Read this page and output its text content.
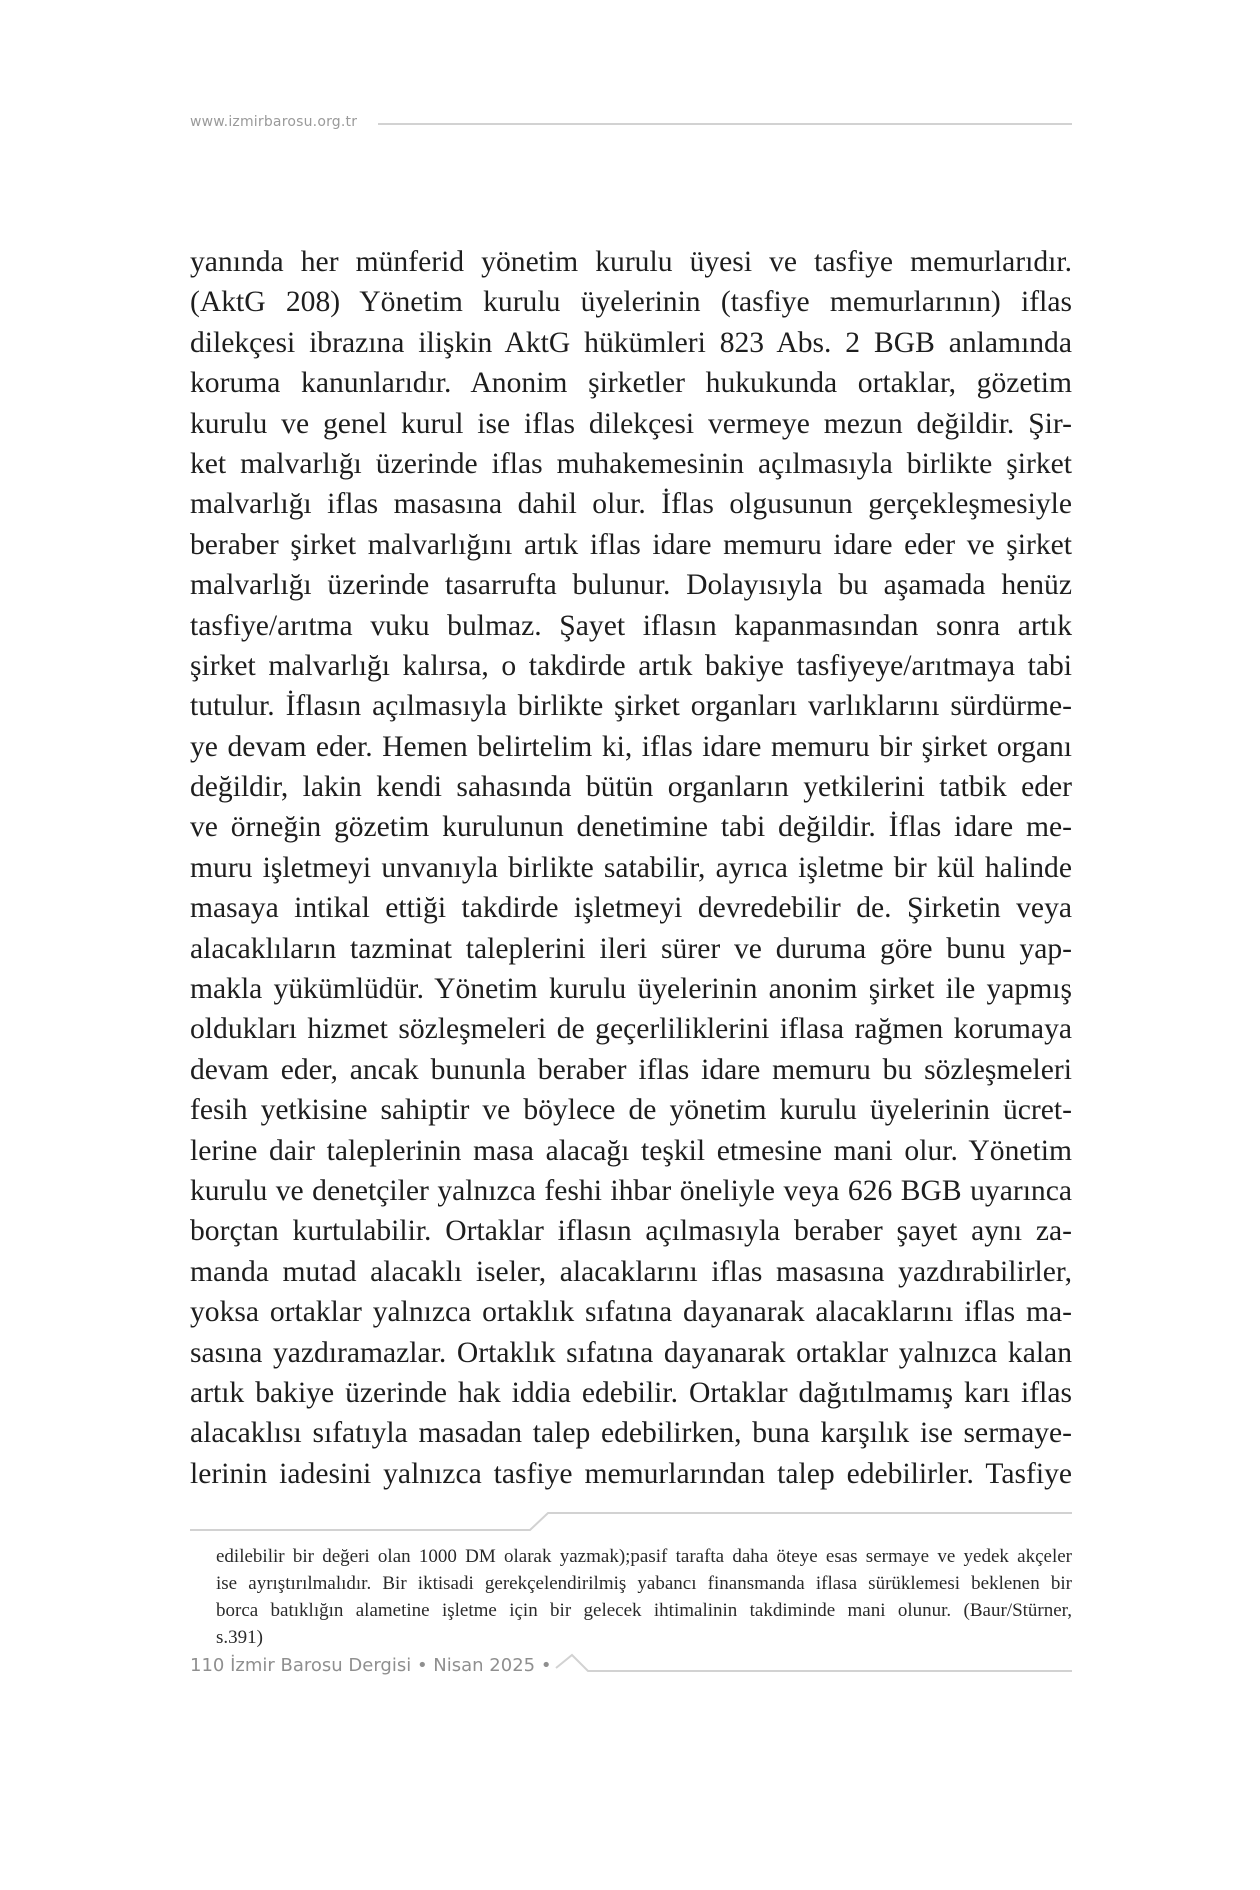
www.izmirbarosu.org.tr
yanında her münferid yönetim kurulu üyesi ve tasfiye memurlarıdır.
(AktG 208) Yönetim kurulu üyelerinin (tasfiye memurlarının) iflas
dilekçesi ibrazına ilişkin AktG hükümleri 823 Abs. 2 BGB anlamında
koruma kanunlarıdır. Anonim şirketler hukukunda ortaklar, gözetim
kurulu ve genel kurul ise iflas dilekçesi vermeye mezun değildir. Şir-
ket malvarlığı üzerinde iflas muhakemesinin açılmasıyla birlikte şirket
malvarlığı iflas masasına dahil olur. İflas olgusunun gerçekleşmesiyle
beraber şirket malvarlığını artık iflas idare memuru idare eder ve şirket
malvarlığı üzerinde tasarrufta bulunur. Dolayısıyla bu aşamada henüz
tasfiye/arıtma vuku bulmaz. Şayet iflasın kapanmasından sonra artık
şirket malvarlığı kalırsa, o takdirde artık bakiye tasfiyeye/arıtmaya tabi
tutulur. İflasın açılmasıyla birlikte şirket organları varlıklarını sürdürme-
ye devam eder. Hemen belirtelim ki, iflas idare memuru bir şirket organı
değildir, lakin kendi sahasında bütün organların yetkilerini tatbik eder
ve örneğin gözetim kurulunun denetimine tabi değildir. İflas idare me-
muru işletmeyi unvanıyla birlikte satabilir, ayrıca işletme bir kül halinde
masaya intikal ettiği takdirde işletmeyi devredebilir de. Şirketin veya
alacaklıların tazminat taleplerini ileri sürer ve duruma göre bunu yap-
makla yükümlüdür. Yönetim kurulu üyelerinin anonim şirket ile yapmış
oldukları hizmet sözleşmeleri de geçerliliklerini iflasa rağmen korumaya
devam eder, ancak bununla beraber iflas idare memuru bu sözleşmeleri
fesih yetkisine sahiptir ve böylece de yönetim kurulu üyelerinin ücret-
lerine dair taleplerinin masa alacağı teşkil etmesine mani olur. Yönetim
kurulu ve denetçiler yalnızca feshi ihbar öneliyle veya 626 BGB uyarınca
borçtan kurtulabilir. Ortaklar iflasın açılmasıyla beraber şayet aynı za-
manda mutad alacaklı iseler, alacaklarını iflas masasına yazdırabilirler,
yoksa ortaklar yalnızca ortaklık sıfatına dayanarak alacaklarını iflas ma-
sasına yazdıramazlar. Ortaklık sıfatına dayanarak ortaklar yalnızca kalan
artık bakiye üzerinde hak iddia edebilir. Ortaklar dağıtılmamış karı iflas
alacaklısı sıfatıyla masadan talep edebilirken, buna karşılık ise sermaye-
lerinin iadesini yalnızca tasfiye memurlarından talep edebilirler. Tasfiye
edilebilir bir değeri olan 1000 DM olarak yazmak);pasif tarafta daha öteye esas sermaye ve yedek akçeler
ise ayrıştırılmalıdır. Bir iktisadi gerekçelendirilmiş yabancı finansmanda iflasa sürüklemesi beklenen bir
borca batıklığın alametine işletme için bir gelecek ihtimalinin takdiminde mani olunur. (Baur/Stürner,
s.391)
110 İzmir Barosu Dergisi • Nisan 2025 •
